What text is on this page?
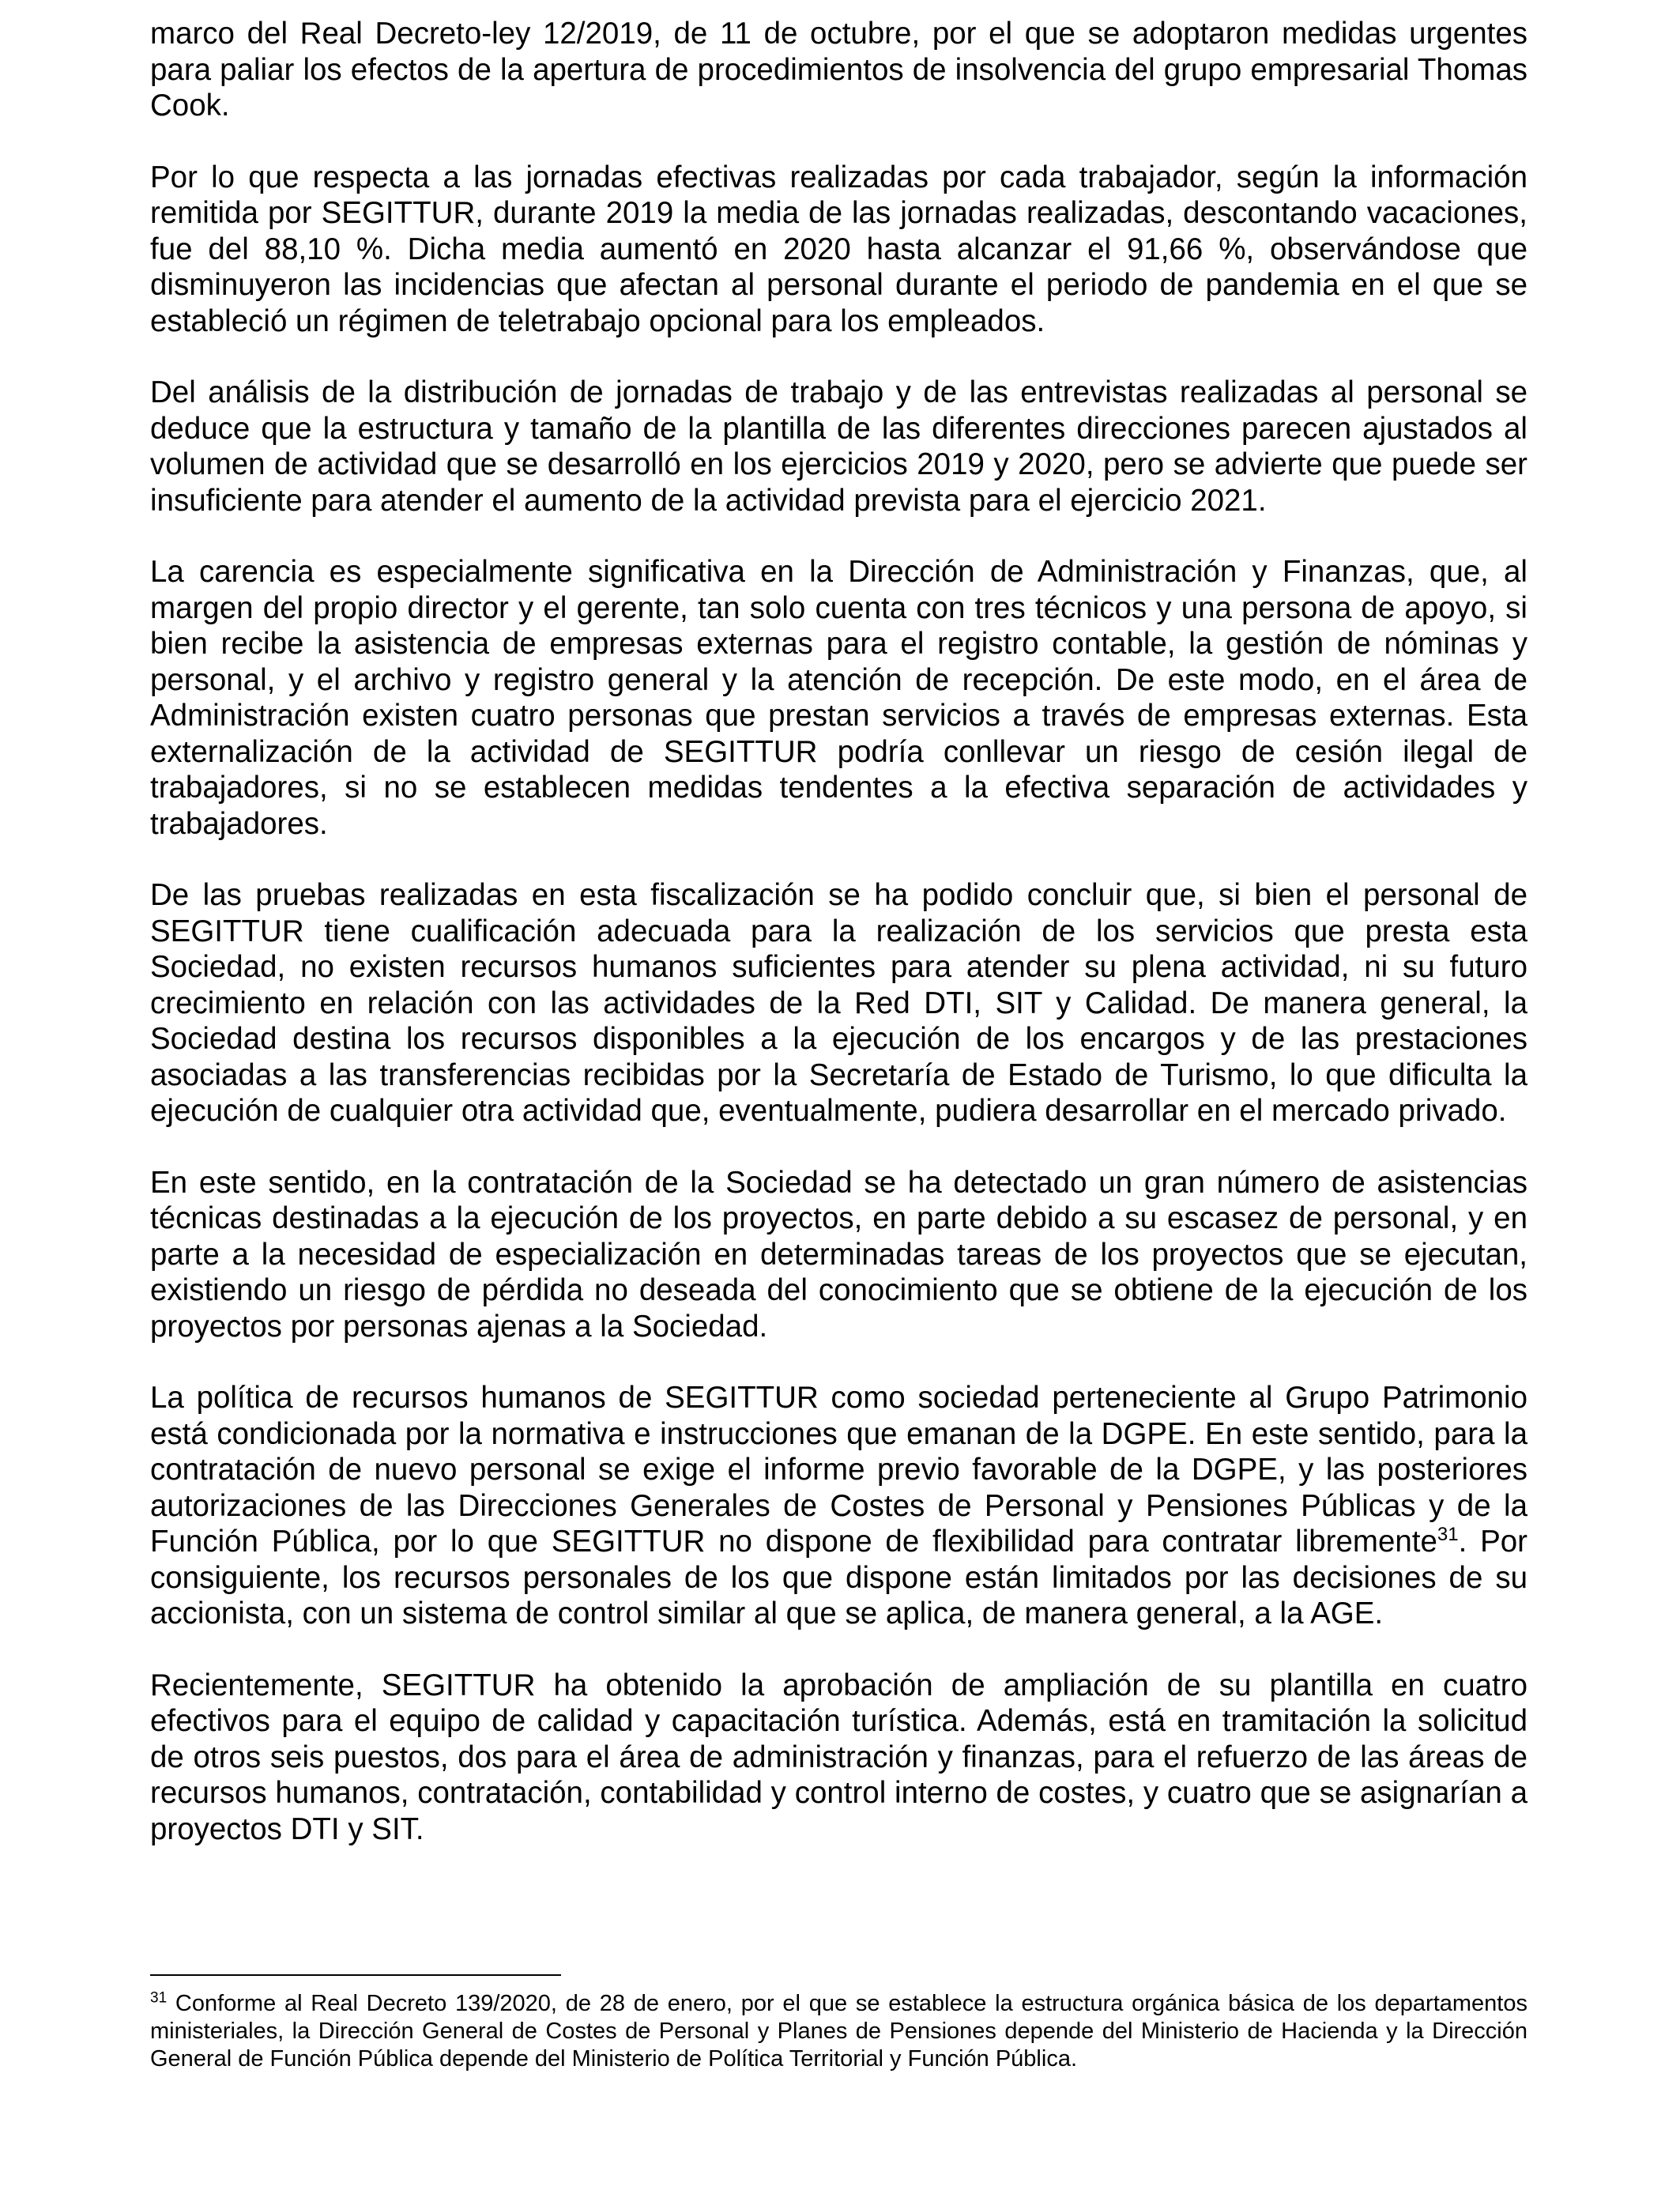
marco del Real Decreto-ley 12/2019, de 11 de octubre, por el que se adoptaron medidas urgentes para paliar los efectos de la apertura de procedimientos de insolvencia del grupo empresarial Thomas Cook.

Por lo que respecta a las jornadas efectivas realizadas por cada trabajador, según la información remitida por SEGITTUR, durante 2019 la media de las jornadas realizadas, descontando vacaciones, fue del 88,10 %. Dicha media aumentó en 2020 hasta alcanzar el 91,66 %, observándose que disminuyeron las incidencias que afectan al personal durante el periodo de pandemia en el que se estableció un régimen de teletrabajo opcional para los empleados.

Del análisis de la distribución de jornadas de trabajo y de las entrevistas realizadas al personal se deduce que la estructura y tamaño de la plantilla de las diferentes direcciones parecen ajustados al volumen de actividad que se desarrolló en los ejercicios 2019 y 2020, pero se advierte que puede ser insuficiente para atender el aumento de la actividad prevista para el ejercicio 2021.

La carencia es especialmente significativa en la Dirección de Administración y Finanzas, que, al margen del propio director y el gerente, tan solo cuenta con tres técnicos y una persona de apoyo, si bien recibe la asistencia de empresas externas para el registro contable, la gestión de nóminas y personal, y el archivo y registro general y la atención de recepción. De este modo, en el área de Administración existen cuatro personas que prestan servicios a través de empresas externas. Esta externalización de la actividad de SEGITTUR podría conllevar un riesgo de cesión ilegal de trabajadores, si no se establecen medidas tendentes a la efectiva separación de actividades y trabajadores.

De las pruebas realizadas en esta fiscalización se ha podido concluir que, si bien el personal de SEGITTUR tiene cualificación adecuada para la realización de los servicios que presta esta Sociedad, no existen recursos humanos suficientes para atender su plena actividad, ni su futuro crecimiento en relación con las actividades de la Red DTI, SIT y Calidad. De manera general, la Sociedad destina los recursos disponibles a la ejecución de los encargos y de las prestaciones asociadas a las transferencias recibidas por la Secretaría de Estado de Turismo, lo que dificulta la ejecución de cualquier otra actividad que, eventualmente, pudiera desarrollar en el mercado privado.

En este sentido, en la contratación de la Sociedad se ha detectado un gran número de asistencias técnicas destinadas a la ejecución de los proyectos, en parte debido a su escasez de personal, y en parte a la necesidad de especialización en determinadas tareas de los proyectos que se ejecutan, existiendo un riesgo de pérdida no deseada del conocimiento que se obtiene de la ejecución de los proyectos por personas ajenas a la Sociedad.

La política de recursos humanos de SEGITTUR como sociedad perteneciente al Grupo Patrimonio está condicionada por la normativa e instrucciones que emanan de la DGPE. En este sentido, para la contratación de nuevo personal se exige el informe previo favorable de la DGPE, y las posteriores autorizaciones de las Direcciones Generales de Costes de Personal y Pensiones Públicas y de la Función Pública, por lo que SEGITTUR no dispone de flexibilidad para contratar libremente$^{31}$. Por consiguiente, los recursos personales de los que dispone están limitados por las decisiones de su accionista, con un sistema de control similar al que se aplica, de manera general, a la AGE.

Recientemente, SEGITTUR ha obtenido la aprobación de ampliación de su plantilla en cuatro efectivos para el equipo de calidad y capacitación turística. Además, está en tramitación la solicitud de otros seis puestos, dos para el área de administración y finanzas, para el refuerzo de las áreas de recursos humanos, contratación, contabilidad y control interno de costes, y cuatro que se asignarían a proyectos DTI y SIT.

$^{31}$ Conforme al Real Decreto 139/2020, de 28 de enero, por el que se establece la estructura orgánica básica de los departamentos ministeriales, la Dirección General de Costes de Personal y Planes de Pensiones depende del Ministerio de Hacienda y la Dirección General de Función Pública depende del Ministerio de Política Territorial y Función Pública.
